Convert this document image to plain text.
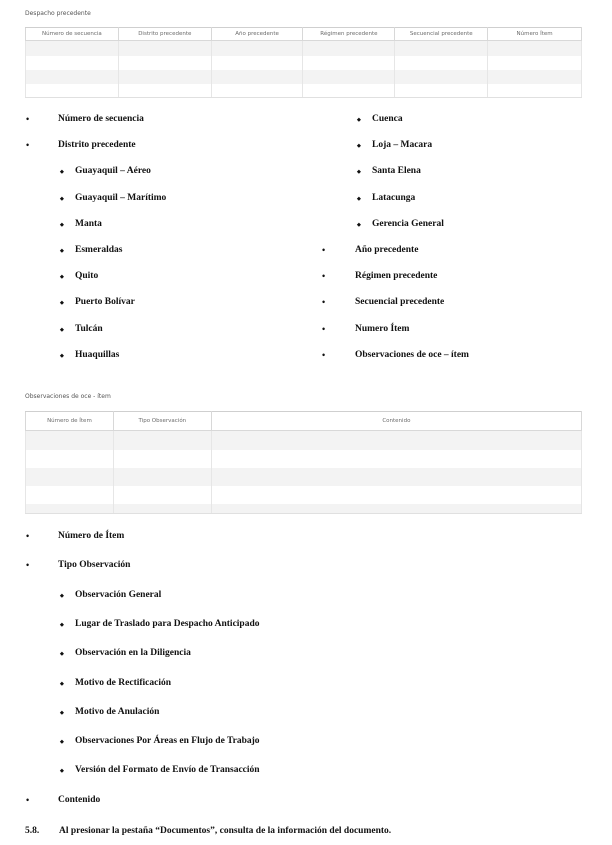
Despacho precedente
Número de secuencia	Distrito precedente	Año precedente	Régimen precedente	Secuencial precedente	Número Ítem

•	Número de secuencia
•	Distrito precedente
◆ Guayaquil – Aéreo
◆ Guayaquil – Marítimo
◆ Manta
◆ Esmeraldas
◆ Quito
◆ Puerto Bolívar
◆ Tulcán
◆ Huaquillas
◆ Cuenca
◆ Loja – Macara
◆ Santa Elena
◆ Latacunga
◆ Gerencia General
•	Año precedente
•	Régimen precedente
•	Secuencial precedente
•	Numero Ítem
•	Observaciones de oce – ítem
Observaciones de oce - ítem
Número de Ítem	Tipo Observación	Contenido

•	Número de Ítem
•	Tipo Observación
◆ Observación General
◆ Lugar de Traslado para Despacho Anticipado
◆ Observación en la Diligencia
◆ Motivo de Rectificación
◆ Motivo de Anulación
◆ Observaciones Por Áreas en Flujo de Trabajo
◆ Versión del Formato de Envío de Transacción
•	Contenido
5.8. Al presionar la pestaña “Documentos”, consulta de la información del documento.
